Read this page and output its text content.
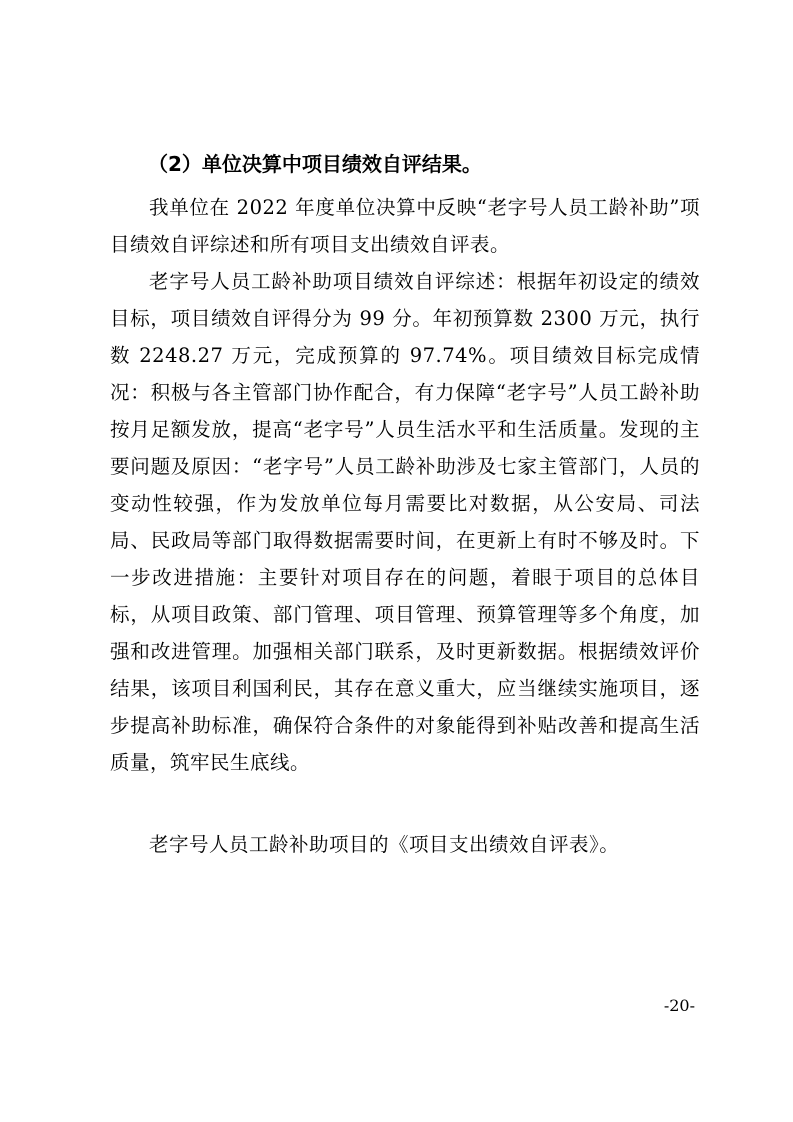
（2）单位决算中项目绩效自评结果。

我单位在 2022 年度单位决算中反映“老字号人员工龄补助”项目绩效自评综述和所有项目支出绩效自评表。

老字号人员工龄补助项目绩效自评综述：根据年初设定的绩效目标，项目绩效自评得分为 99 分。年初预算数 2300 万元，执行数 2248.27 万元，完成预算的 97.74%。项目绩效目标完成情况：积极与各主管部门协作配合，有力保障“老字号”人员工龄补助按月足额发放，提高“老字号”人员生活水平和生活质量。发现的主要问题及原因：“老字号”人员工龄补助涉及七家主管部门，人员的变动性较强，作为发放单位每月需要比对数据，从公安局、司法局、民政局等部门取得数据需要时间，在更新上有时不够及时。下一步改进措施：主要针对项目存在的问题，着眼于项目的总体目标，从项目政策、部门管理、项目管理、预算管理等多个角度，加强和改进管理。加强相关部门联系，及时更新数据。根据绩效评价结果，该项目利国利民，其存在意义重大，应当继续实施项目，逐步提高补助标准，确保符合条件的对象能得到补贴改善和提高生活质量，筑牢民生底线。

老字号人员工龄补助项目的《项目支出绩效自评表》。

-20-
